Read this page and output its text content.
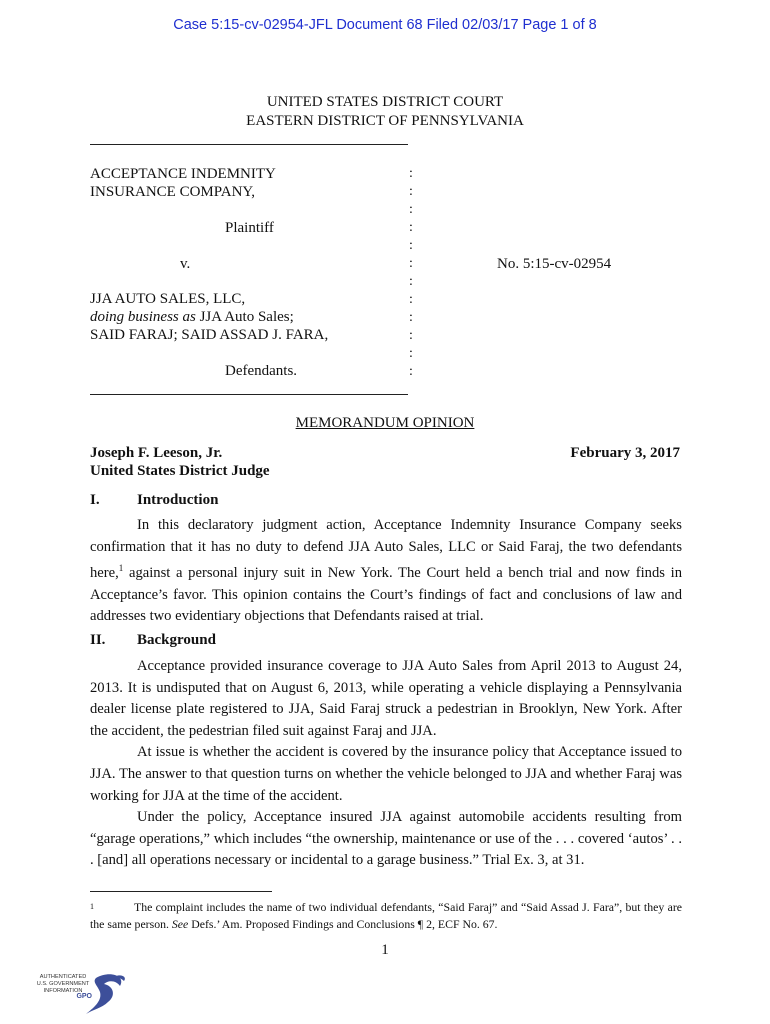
Case 5:15-cv-02954-JFL Document 68 Filed 02/03/17 Page 1 of 8
UNITED STATES DISTRICT COURT
EASTERN DISTRICT OF PENNSYLVANIA
ACCEPTANCE INDEMNITY
INSURANCE COMPANY,
Plaintiff
v.
JJA AUTO SALES, LLC,
doing business as JJA Auto Sales;
SAID FARAJ; SAID ASSAD J. FARA,
Defendants.
:
:
:
:
:
:
:
:
:
:
:
:
No. 5:15-cv-02954
MEMORANDUM OPINION
Joseph F. Leeson, Jr.
United States District Judge
February 3, 2017
I. Introduction

In this declaratory judgment action, Acceptance Indemnity Insurance Company seeks confirmation that it has no duty to defend JJA Auto Sales, LLC or Said Faraj, the two defendants here,$^1$ against a personal injury suit in New York. The Court held a bench trial and now finds in Acceptance’s favor. This opinion contains the Court’s findings of fact and conclusions of law and addresses two evidentiary objections that Defendants raised at trial.

II. Background

Acceptance provided insurance coverage to JJA Auto Sales from April 2013 to August 24, 2013. It is undisputed that on August 6, 2013, while operating a vehicle displaying a Pennsylvania dealer license plate registered to JJA, Said Faraj struck a pedestrian in Brooklyn, New York. After the accident, the pedestrian filed suit against Faraj and JJA.

At issue is whether the accident is covered by the insurance policy that Acceptance issued to JJA. The answer to that question turns on whether the vehicle belonged to JJA and whether Faraj was working for JJA at the time of the accident.

Under the policy, Acceptance insured JJA against automobile accidents resulting from “garage operations,” which includes “the ownership, maintenance or use of the . . . covered ‘autos’ . . . [and] all operations necessary or incidental to a garage business.” Trial Ex. 3, at 31.

$^1$	The complaint includes the name of two individual defendants, “Said Faraj” and “Said Assad J. Fara”, but they are the same person. See Defs.’ Am. Proposed Findings and Conclusions ¶ 2, ECF No. 67.

1
AUTHENTICATED
U.S. GOVERNMENT
INFORMATION
GPO
